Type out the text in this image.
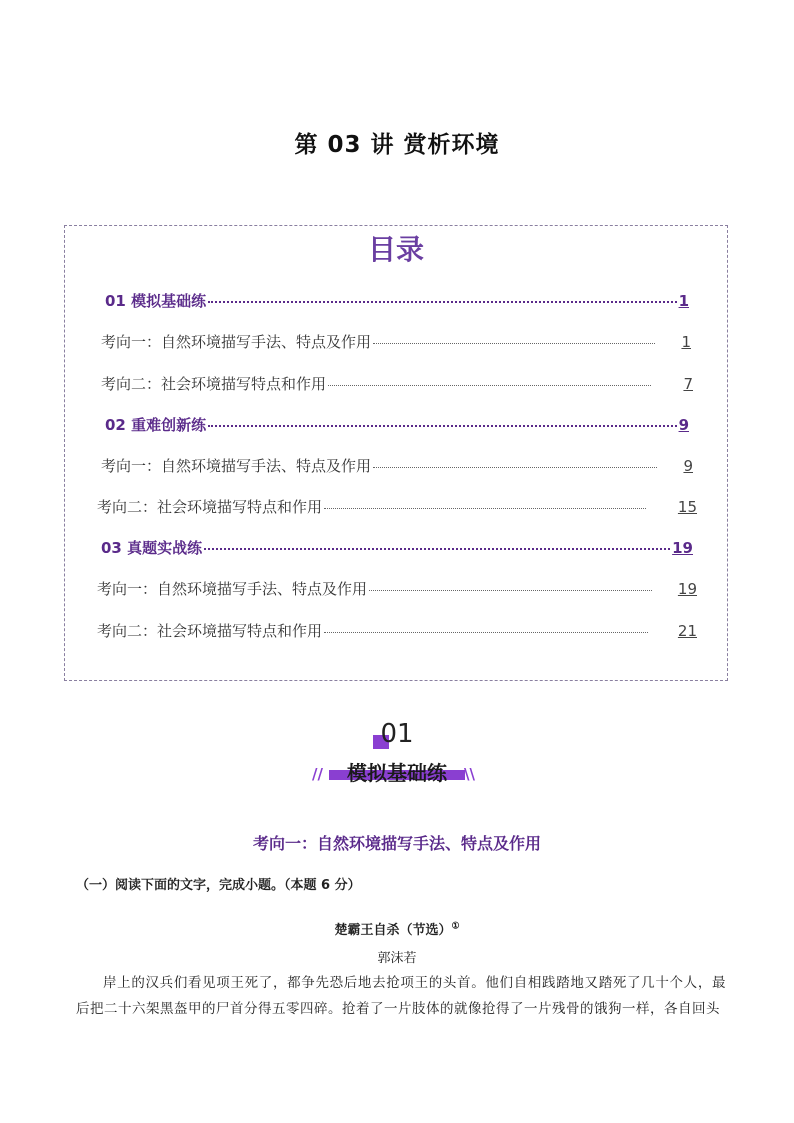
第 03 讲 赏析环境
目录
01 模拟基础练	1
考向一：自然环境描写手法、特点及作用	1
考向二：社会环境描写特点和作用	7
02 重难创新练	9
考向一：自然环境描写手法、特点及作用	9
考向二：社会环境描写特点和作用	15
03 真题实战练	19
考向一：自然环境描写手法、特点及作用	19
考向二：社会环境描写特点和作用	21
01
模拟基础练
//	\\
考向一：自然环境描写手法、特点及作用
（一）阅读下面的文字，完成小题。（本题 6 分）
楚霸王自杀（节选）①
郭沫若
岸上的汉兵们看见项王死了，都争先恐后地去抢项王的头首。他们自相践踏地又踏死了几十个人，最后把二十六架黑盔甲的尸首分得五零四碎。抢着了一片肢体的就像抢得了一片残骨的饿狗一样，各自回头
